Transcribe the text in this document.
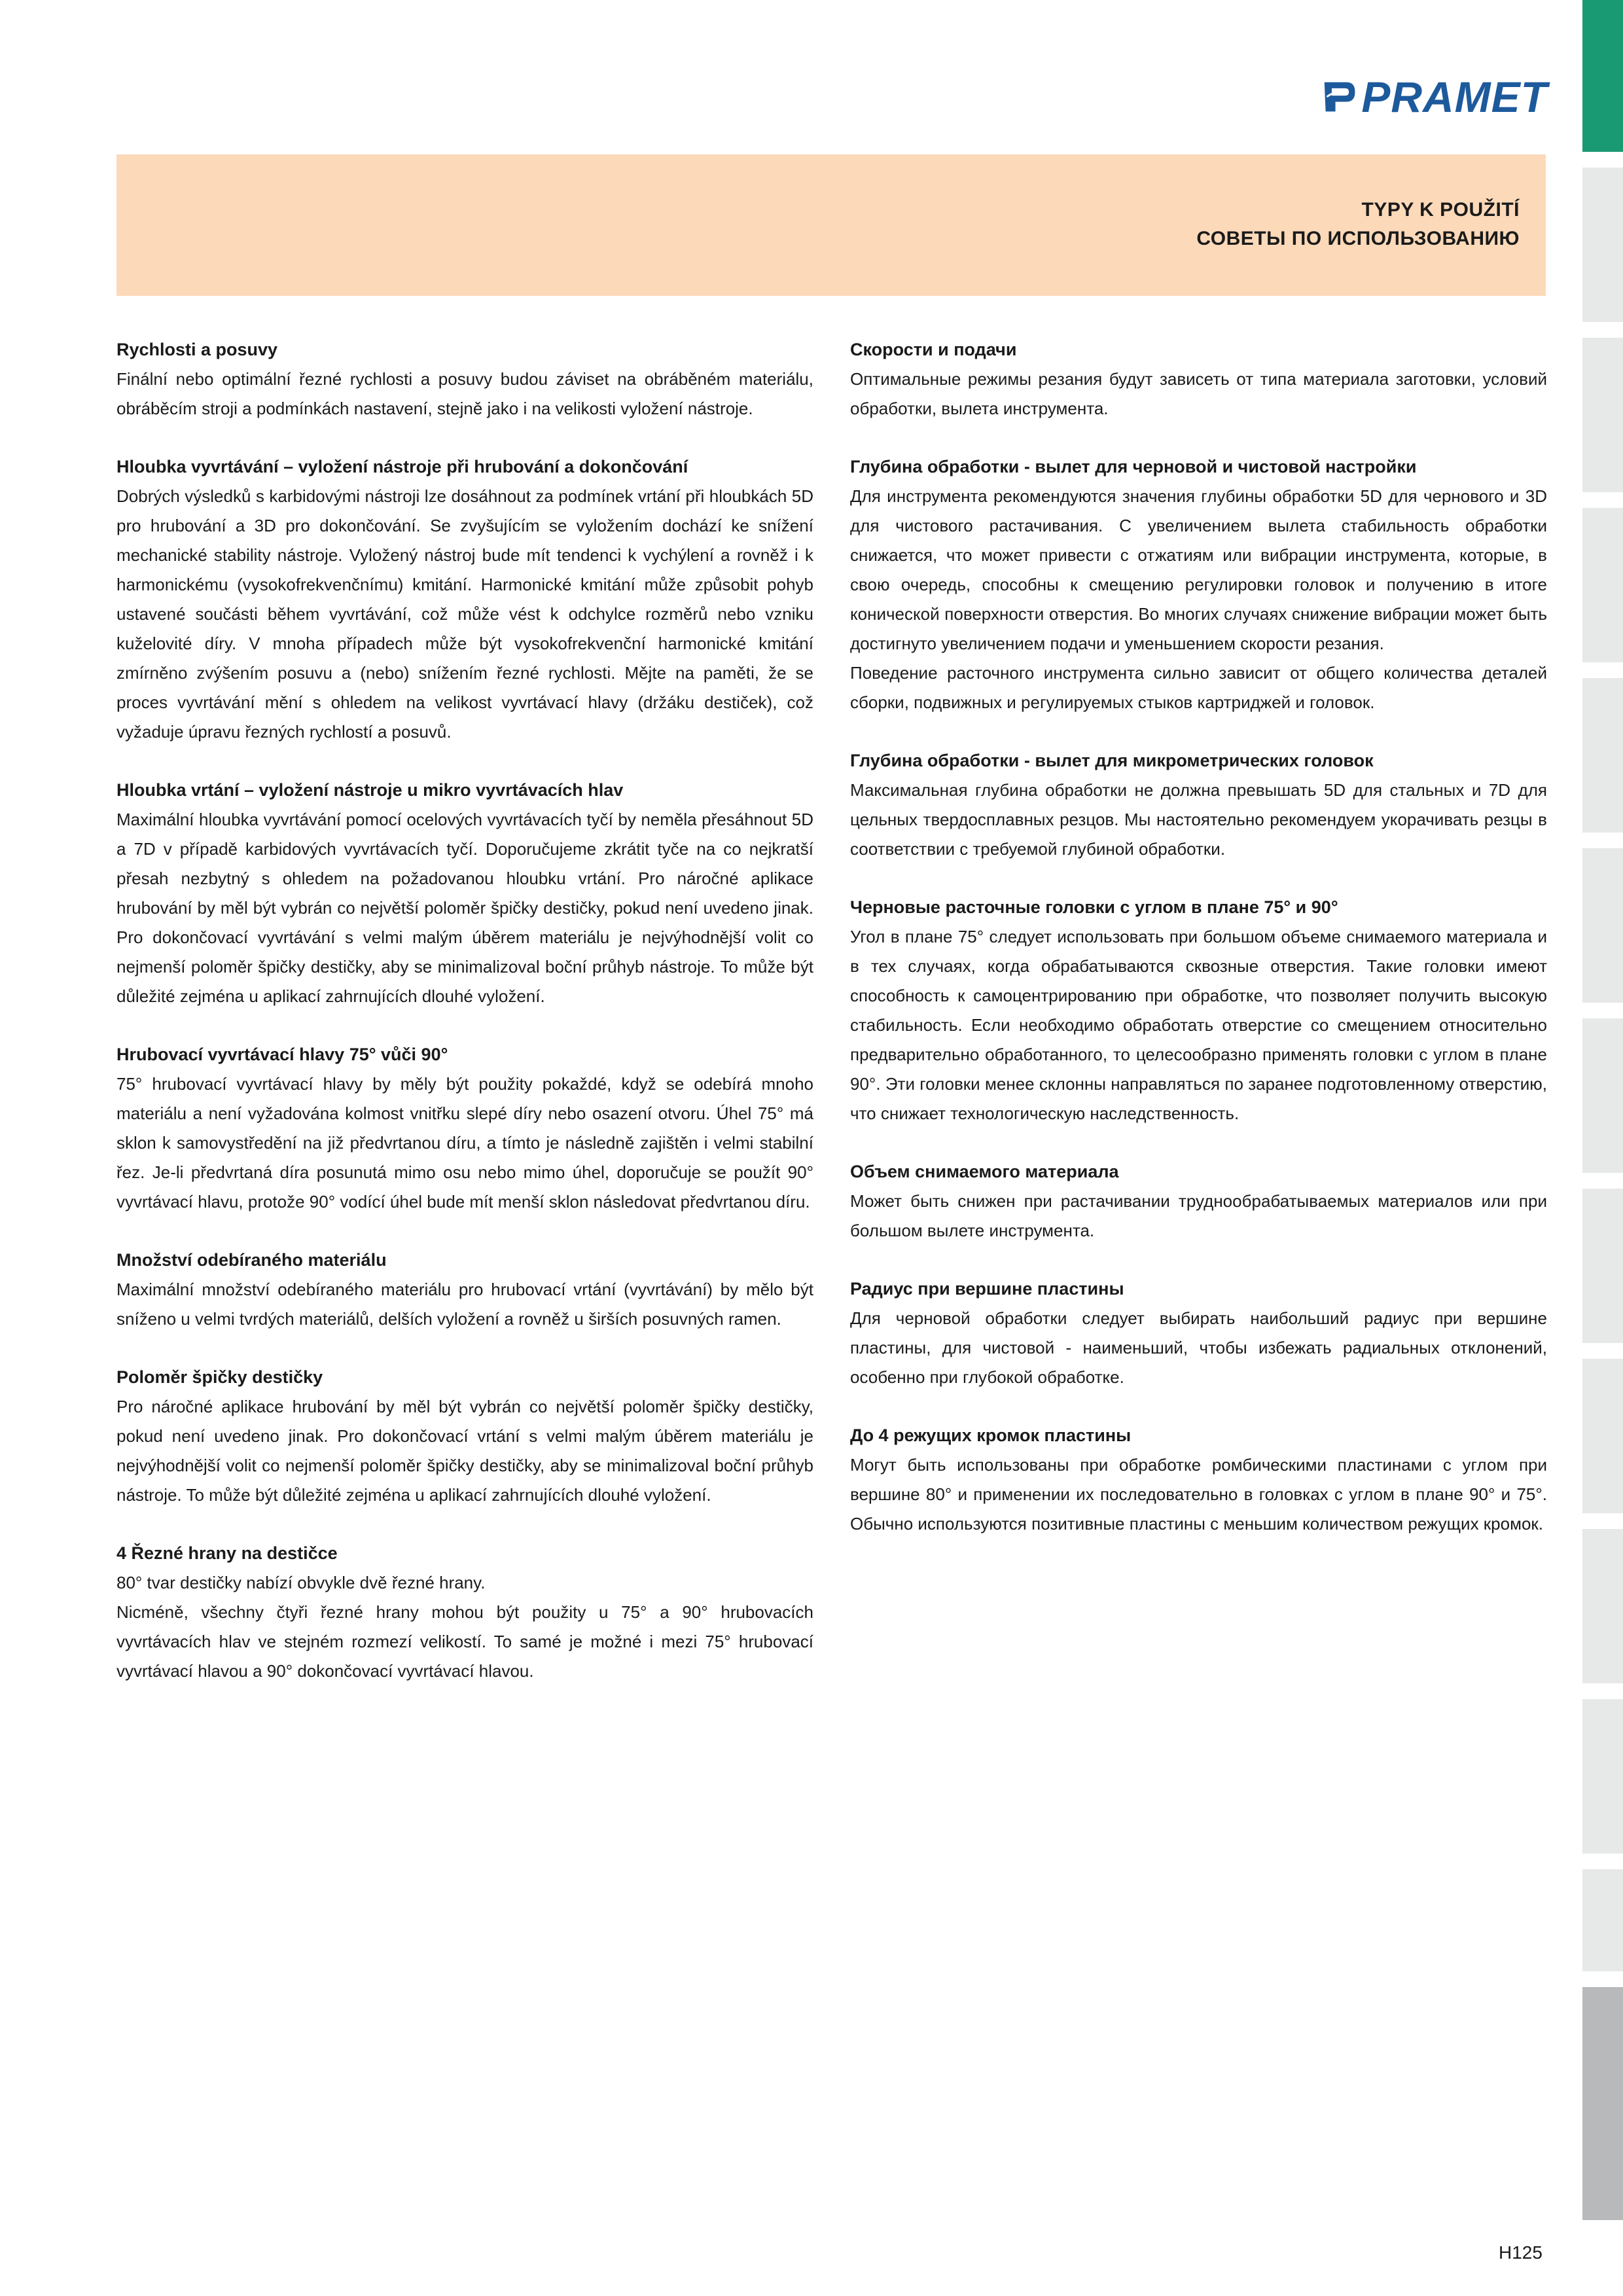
PRAMET
TYPY K POUŽITÍ
СОВЕТЫ ПО ИСПОЛЬЗОВАНИЮ

Rychlosti a posuvy

Finální nebo optimální řezné rychlosti a posuvy budou záviset na obráběném materiálu, obráběcím stroji a podmínkách nastavení, stejně jako i na velikosti vyložení nástroje.

Hloubka vyvrtávání – vyložení nástroje při hrubování a dokončování

Dobrých výsledků s karbidovými nástroji lze dosáhnout za podmínek vrtání při hloubkách 5D pro hrubování a 3D pro dokončování. Se zvyšujícím se vyložením dochází ke snížení mechanické stability nástroje. Vyložený nástroj bude mít tendenci k vychýlení a rovněž i k harmonickému (vysokofrekvenčnímu) kmitání. Harmonické kmitání může způsobit pohyb ustavené součásti během vyvrtávání, což může vést k odchylce rozměrů nebo vzniku kuželovité díry. V mnoha případech může být vysokofrekvenční harmonické kmitání zmírněno zvýšením posuvu a (nebo) snížením řezné rychlosti. Mějte na paměti, že se proces vyvrtávání mění s ohledem na velikost vyvrtávací hlavy (držáku destiček), což vyžaduje úpravu řezných rychlostí a posuvů.

Hloubka vrtání – vyložení nástroje u mikro vyvrtávacích hlav

Maximální hloubka vyvrtávání pomocí ocelových vyvrtávacích tyčí by neměla přesáhnout 5D a 7D v případě karbidových vyvrtávacích tyčí. Doporučujeme zkrátit tyče na co nejkratší přesah nezbytný s ohledem na požadovanou hloubku vrtání. Pro náročné aplikace hrubování by měl být vybrán co největší poloměr špičky destičky, pokud není uvedeno jinak. Pro dokončovací vyvrtávání s velmi malým úběrem materiálu je nejvýhodnější volit co nejmenší poloměr špičky destičky, aby se minimalizoval boční průhyb nástroje. To může být důležité zejména u aplikací zahrnujících dlouhé vyložení.

Hrubovací vyvrtávací hlavy 75° vůči 90°

75° hrubovací vyvrtávací hlavy by měly být použity pokaždé, když se odebírá mnoho materiálu a není vyžadována kolmost vnitřku slepé díry nebo osazení otvoru. Úhel 75° má sklon k samovystředění na již předvrtanou díru, a tímto je následně zajištěn i velmi stabilní řez. Je-li předvrtaná díra posunutá mimo osu nebo mimo úhel, doporučuje se použít 90° vyvrtávací hlavu, protože 90° vodící úhel bude mít menší sklon následovat předvrtanou díru.

Množství odebíraného materiálu

Maximální množství odebíraného materiálu pro hrubovací vrtání (vyvrtávání) by mělo být sníženo u velmi tvrdých materiálů, delších vyložení a rovněž u širších posuvných ramen.

Poloměr špičky destičky

Pro náročné aplikace hrubování by měl být vybrán co největší poloměr špičky destičky, pokud není uvedeno jinak. Pro dokončovací vrtání s velmi malým úběrem materiálu je nejvýhodnější volit co nejmenší poloměr špičky destičky, aby se minimalizoval boční průhyb nástroje. To může být důležité zejména u aplikací zahrnujících dlouhé vyložení.

4 Řezné hrany na destičce

80° tvar destičky nabízí obvykle dvě řezné hrany.

Nicméně, všechny čtyři řezné hrany mohou být použity u 75° a 90° hrubovacích vyvrtávacích hlav ve stejném rozmezí velikostí. To samé je možné i mezi 75° hrubovací vyvrtávací hlavou a 90° dokončovací vyvrtávací hlavou.

Скорости и подачи

Оптимальные режимы резания будут зависеть от типа материала заготовки, условий обработки, вылета инструмента.

Глубина обработки - вылет для черновой и чистовой настройки

Для инструмента рекомендуются значения глубины обработки 5D для чернового и 3D для чистового растачивания. С увеличением вылета стабильность обработки снижается, что может привести с отжатиям или вибрации инструмента, которые, в свою очередь, способны к смещению регулировки головок и получению в итоге конической поверхности отверстия. Во многих случаях снижение вибрации может быть достигнуто увеличением подачи и уменьшением скорости резания.

Поведение расточного инструмента сильно зависит от общего количества деталей сборки, подвижных и регулируемых стыков картриджей и головок.

Глубина обработки - вылет для микрометрических головок

Максимальная глубина обработки не должна превышать 5D для стальных и 7D для цельных твердосплавных резцов. Мы настоятельно рекомендуем укорачивать резцы в соответствии с требуемой глубиной обработки.

Черновые расточные головки с углом в плане 75° и 90°

Угол в плане 75° следует использовать при большом объеме снимаемого материала и в тех случаях, когда обрабатываются сквозные отверстия. Такие головки имеют способность к самоцентрированию при обработке, что позволяет получить высокую стабильность. Если необходимо обработать отверстие со смещением относительно предварительно обработанного, то целесообразно применять головки с углом в плане 90°. Эти головки менее склонны направляться по заранее подготовленному отверстию, что снижает технологическую наследственность.

Объем снимаемого материала

Может быть снижен при растачивании труднообрабатываемых материалов или при большом вылете инструмента.

Радиус при вершине пластины

Для черновой обработки следует выбирать наибольший радиус при вершине пластины, для чистовой - наименьший, чтобы избежать радиальных отклонений, особенно при глубокой обработке.

До 4 режущих кромок пластины

Могут быть использованы при обработке ромбическими пластинами с углом при вершине 80° и применении их последовательно в головках с углом в плане 90° и 75°. Обычно используются позитивные пластины с меньшим количеством режущих кромок.

H125
